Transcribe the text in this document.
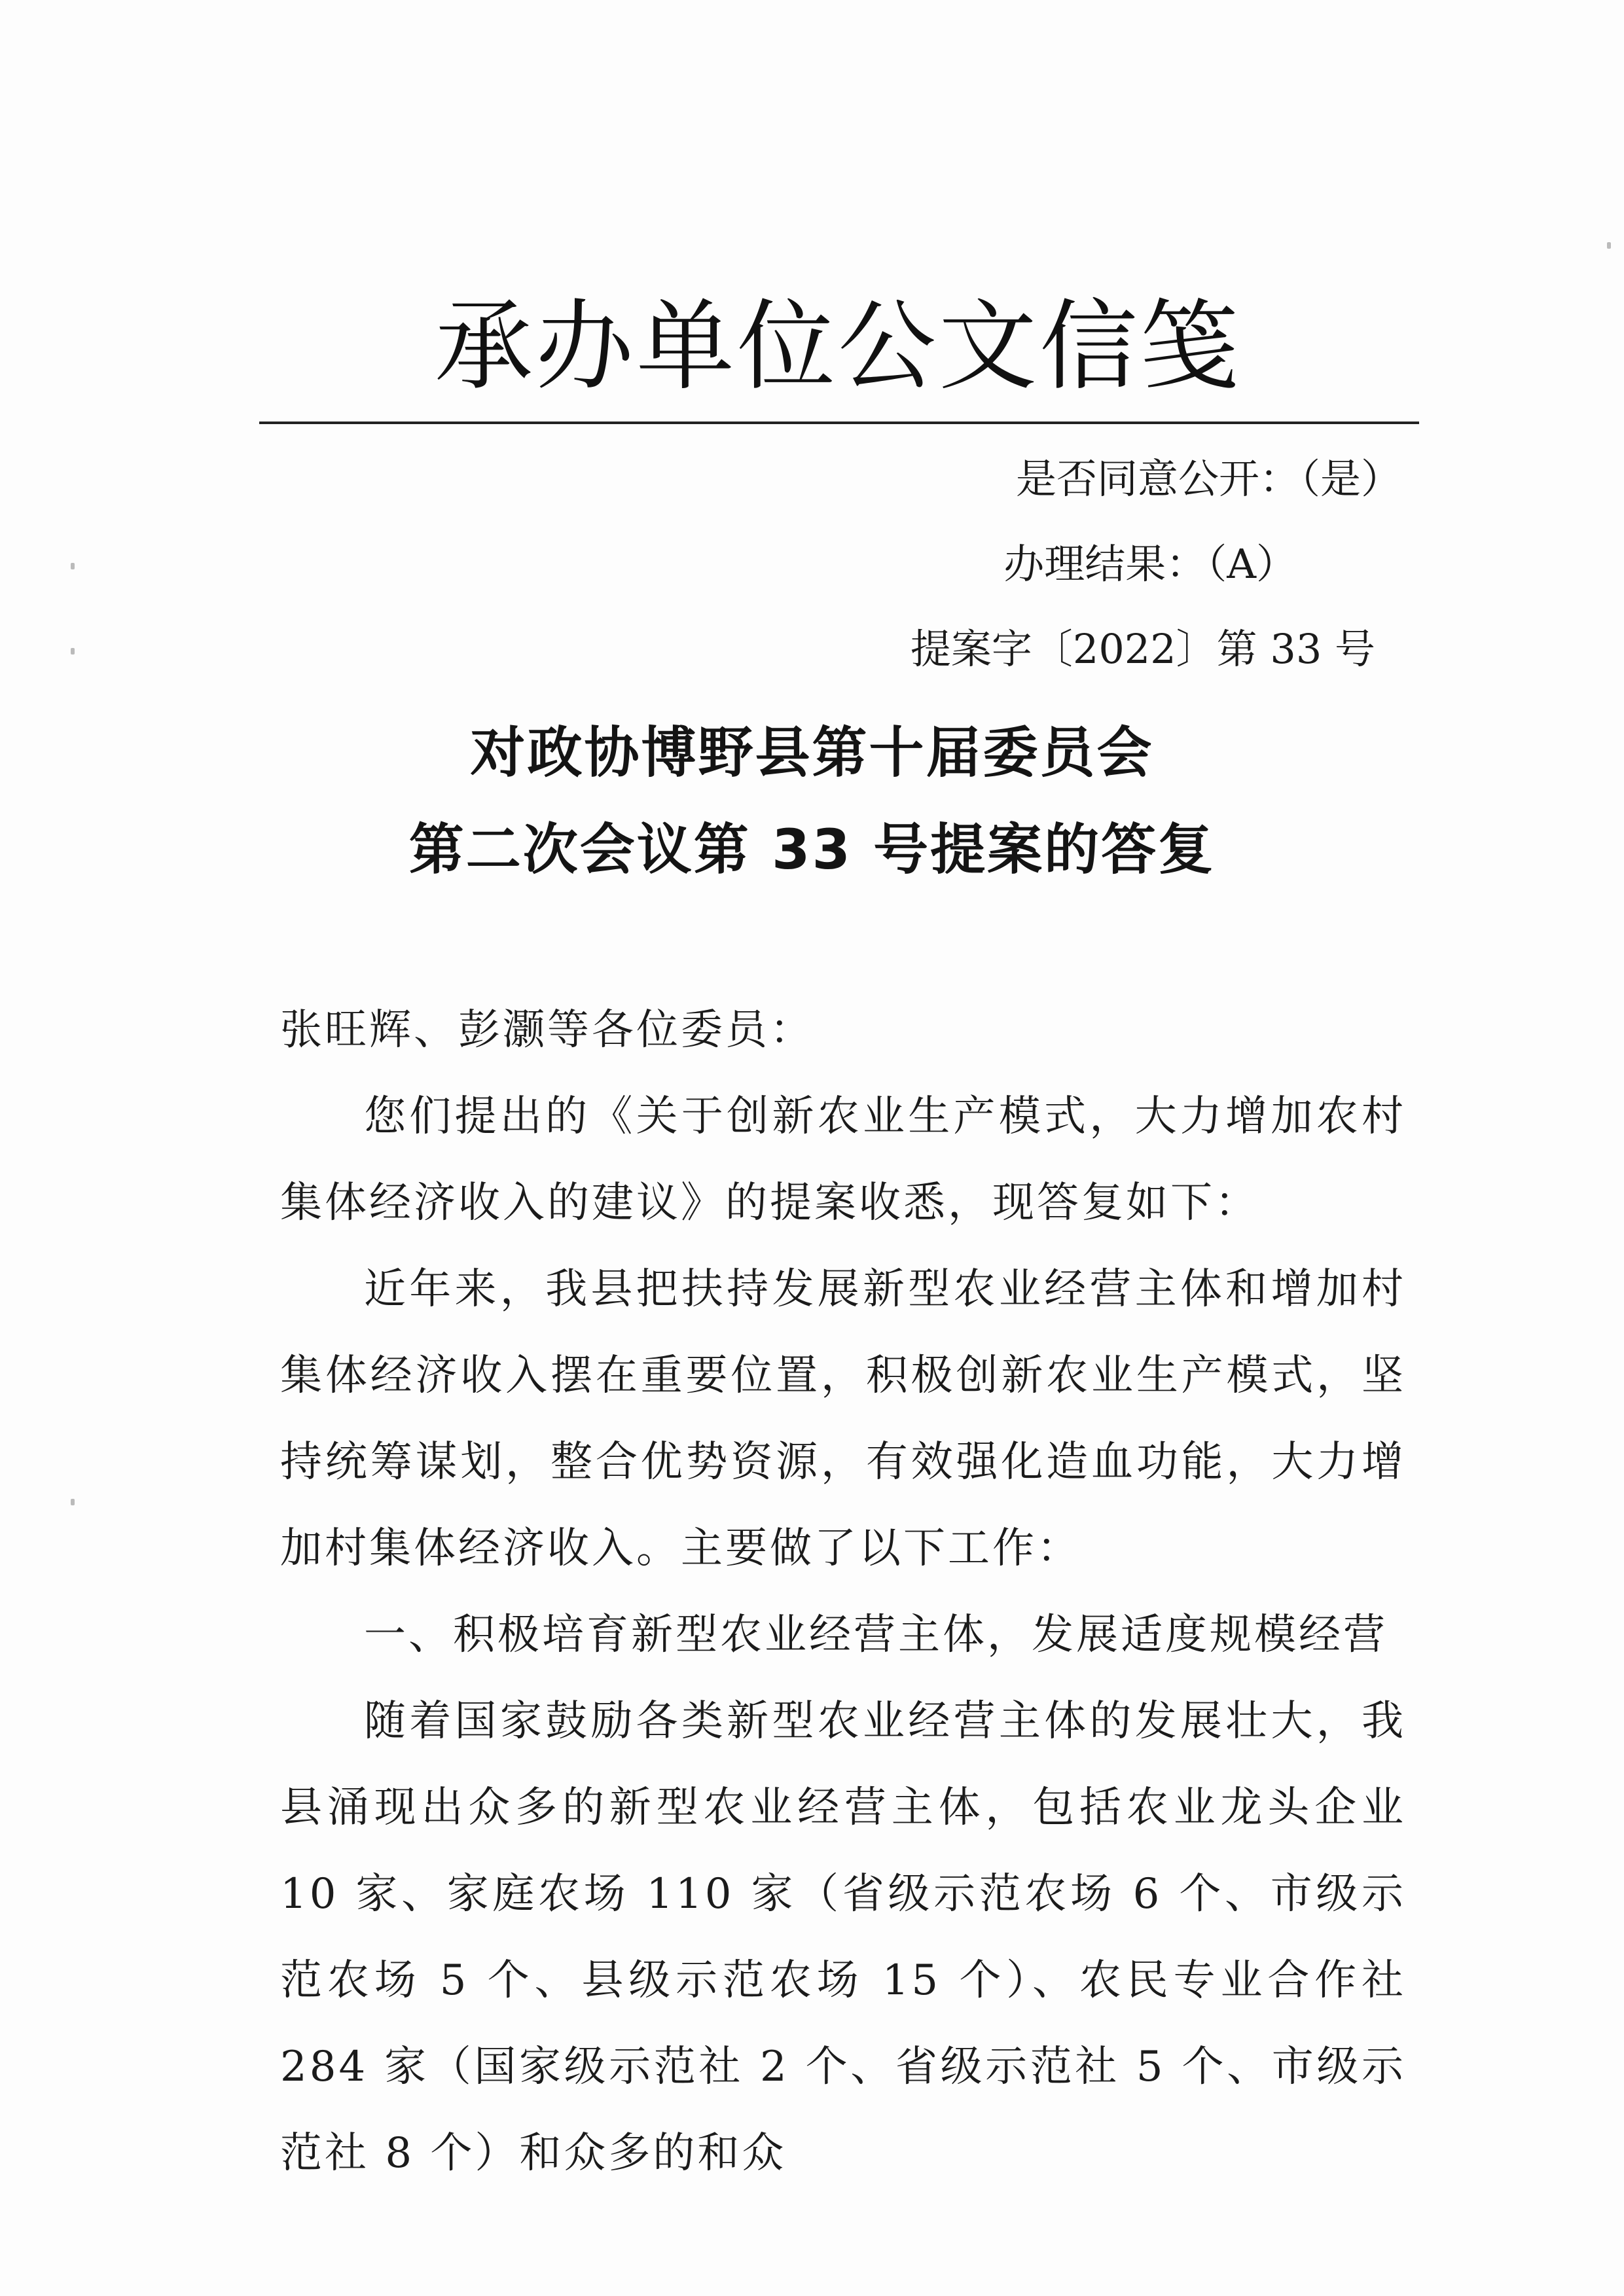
承办单位公文信笺
是否同意公开：（是）
办理结果：（A）
提案字〔2022〕第 33 号
对政协博野县第十届委员会
第二次会议第 33 号提案的答复

张旺辉、彭灏等各位委员：

您们提出的《关于创新农业生产模式，大力增加农村集体经济收入的建议》的提案收悉，现答复如下：

近年来，我县把扶持发展新型农业经营主体和增加村集体经济收入摆在重要位置，积极创新农业生产模式，坚持统筹谋划，整合优势资源，有效强化造血功能，大力增加村集体经济收入。主要做了以下工作：

一、积极培育新型农业经营主体，发展适度规模经营

随着国家鼓励各类新型农业经营主体的发展壮大，我县涌现出众多的新型农业经营主体，包括农业龙头企业 10 家、家庭农场 110 家（省级示范农场 6 个、市级示范农场 5 个、县级示范农场 15 个）、农民专业合作社 284 家（国家级示范社 2 个、省级示范社 5 个、市级示范社 8 个）和众多的和众
